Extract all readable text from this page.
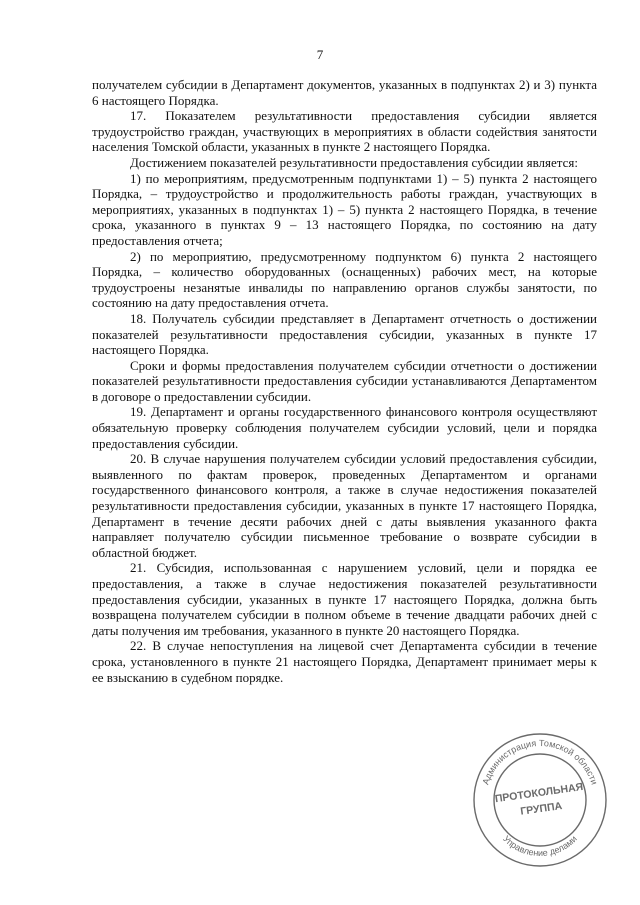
7

получателем субсидии в Департамент документов, указанных в подпунктах 2) и 3) пункта 6 настоящего Порядка.

17. Показателем результативности предоставления субсидии является трудоустройство граждан, участвующих в мероприятиях в области содействия занятости населения Томской области, указанных в пункте 2 настоящего Порядка.

Достижением показателей результативности предоставления субсидии является:

1) по мероприятиям, предусмотренным подпунктами 1) – 5) пункта 2 настоящего Порядка, – трудоустройство и продолжительность работы граждан, участвующих в мероприятиях, указанных в подпунктах 1) – 5) пункта 2 настоящего Порядка, в течение срока, указанного в пунктах 9 – 13 настоящего Порядка, по состоянию на дату предоставления отчета;

2) по мероприятию, предусмотренному подпунктом 6) пункта 2 настоящего Порядка, – количество оборудованных (оснащенных) рабочих мест, на которые трудоустроены незанятые инвалиды по направлению органов службы занятости, по состоянию на дату предоставления отчета.

18. Получатель субсидии представляет в Департамент отчетность о достижении показателей результативности предоставления субсидии, указанных в пункте 17 настоящего Порядка.

Сроки и формы предоставления получателем субсидии отчетности о достижении показателей результативности предоставления субсидии устанавливаются Департаментом в договоре о предоставлении субсидии.

19. Департамент и органы государственного финансового контроля осуществляют обязательную проверку соблюдения получателем субсидии условий, цели и порядка предоставления субсидии.

20. В случае нарушения получателем субсидии условий предоставления субсидии, выявленного по фактам проверок, проведенных Департаментом и органами государственного финансового контроля, а также в случае недостижения показателей результативности предоставления субсидии, указанных в пункте 17 настоящего Порядка, Департамент в течение десяти рабочих дней с даты выявления указанного факта направляет получателю субсидии письменное требование о возврате субсидии в областной бюджет.

21. Субсидия, использованная с нарушением условий, цели и порядка ее предоставления, а также в случае недостижения показателей результативности предоставления субсидии, указанных в пункте 17 настоящего Порядка, должна быть возвращена получателем субсидии в полном объеме в течение двадцати рабочих дней с даты получения им требования, указанного в пункте 20 настоящего Порядка.

22. В случае непоступления на лицевой счет Департамента субсидии в течение срока, установленного в пункте 21 настоящего Порядка, Департамент принимает меры к ее взысканию в судебном порядке.

Администрация Томской области
Управление делами
ПРОТОКОЛЬНАЯ
ГРУППА
